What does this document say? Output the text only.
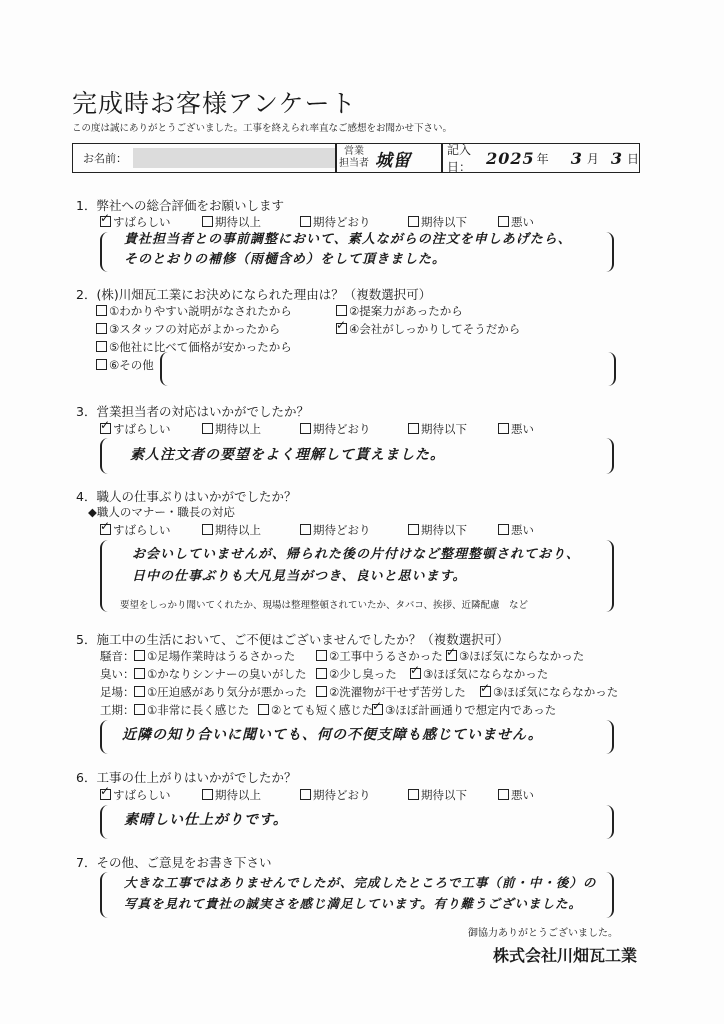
完成時お客様アンケート
この度は誠にありがとうございました。工事を終えられ率直なご感想をお聞かせ下さい。
お名前：
営業
担当者 城留
記入日： 2025 年 3 月 3 日
1．弊社への総合評価をお願いします
✓すばらしい	期待以上	期待どおり	期待以下	悪い
貴社担当者との事前調整において、素人ながらの注文を申しあげたら、
そのとおりの補修（雨樋含め）をして頂きました。
2．(株)川畑瓦工業にお決めになられた理由は？（複数選択可）
①わかりやすい説明がなされたから	②提案力があったから
③スタッフの対応がよかったから ✓	④会社がしっかりしてそうだから
⑤他社に比べて価格が安かったから
⑥その他
3．営業担当者の対応はいかがでしたか？
✓すばらしい	期待以上	期待どおり	期待以下	悪い
素人注文者の要望をよく理解して貰えました。
4．職人の仕事ぶりはいかがでしたか？
◆職人のマナー・職長の対応
✓すばらしい	期待以上	期待どおり	期待以下	悪い
お会いしていませんが、帰られた後の片付けなど整理整頓されており、
日中の仕事ぶりも大凡見当がつき、良いと思います。
要望をしっかり聞いてくれたか、現場は整理整頓されていたか、タバコ、挨拶、近隣配慮　など
5．施工中の生活において、ご不便はございませんでしたか？（複数選択可）
騒音：	①足場作業時はうるさかった	②工事中うるさかった ✓	③ほぼ気にならなかった
臭い：	①かなりシンナーの臭いがした	②少し臭った ✓	③ほぼ気にならなかった
足場：	①圧迫感があり気分が悪かった	②洗濯物が干せず苦労した ✓	③ほぼ気にならなかった
工期：	①非常に長く感じた	②とても短く感じた ✓	③ほぼ計画通りで想定内であった
近隣の知り合いに聞いても、何の不便支障も感じていません。
6．工事の仕上がりはいかがでしたか？
✓すばらしい	期待以上	期待どおり	期待以下	悪い
素晴しい仕上がりです。
7．その他、ご意見をお書き下さい
大きな工事ではありませんでしたが、完成したところで工事（前・中・後）の
写真を見れて貴社の誠実さを感じ満足しています。有り難うございました。
御協力ありがとうございました。
株式会社川畑瓦工業
